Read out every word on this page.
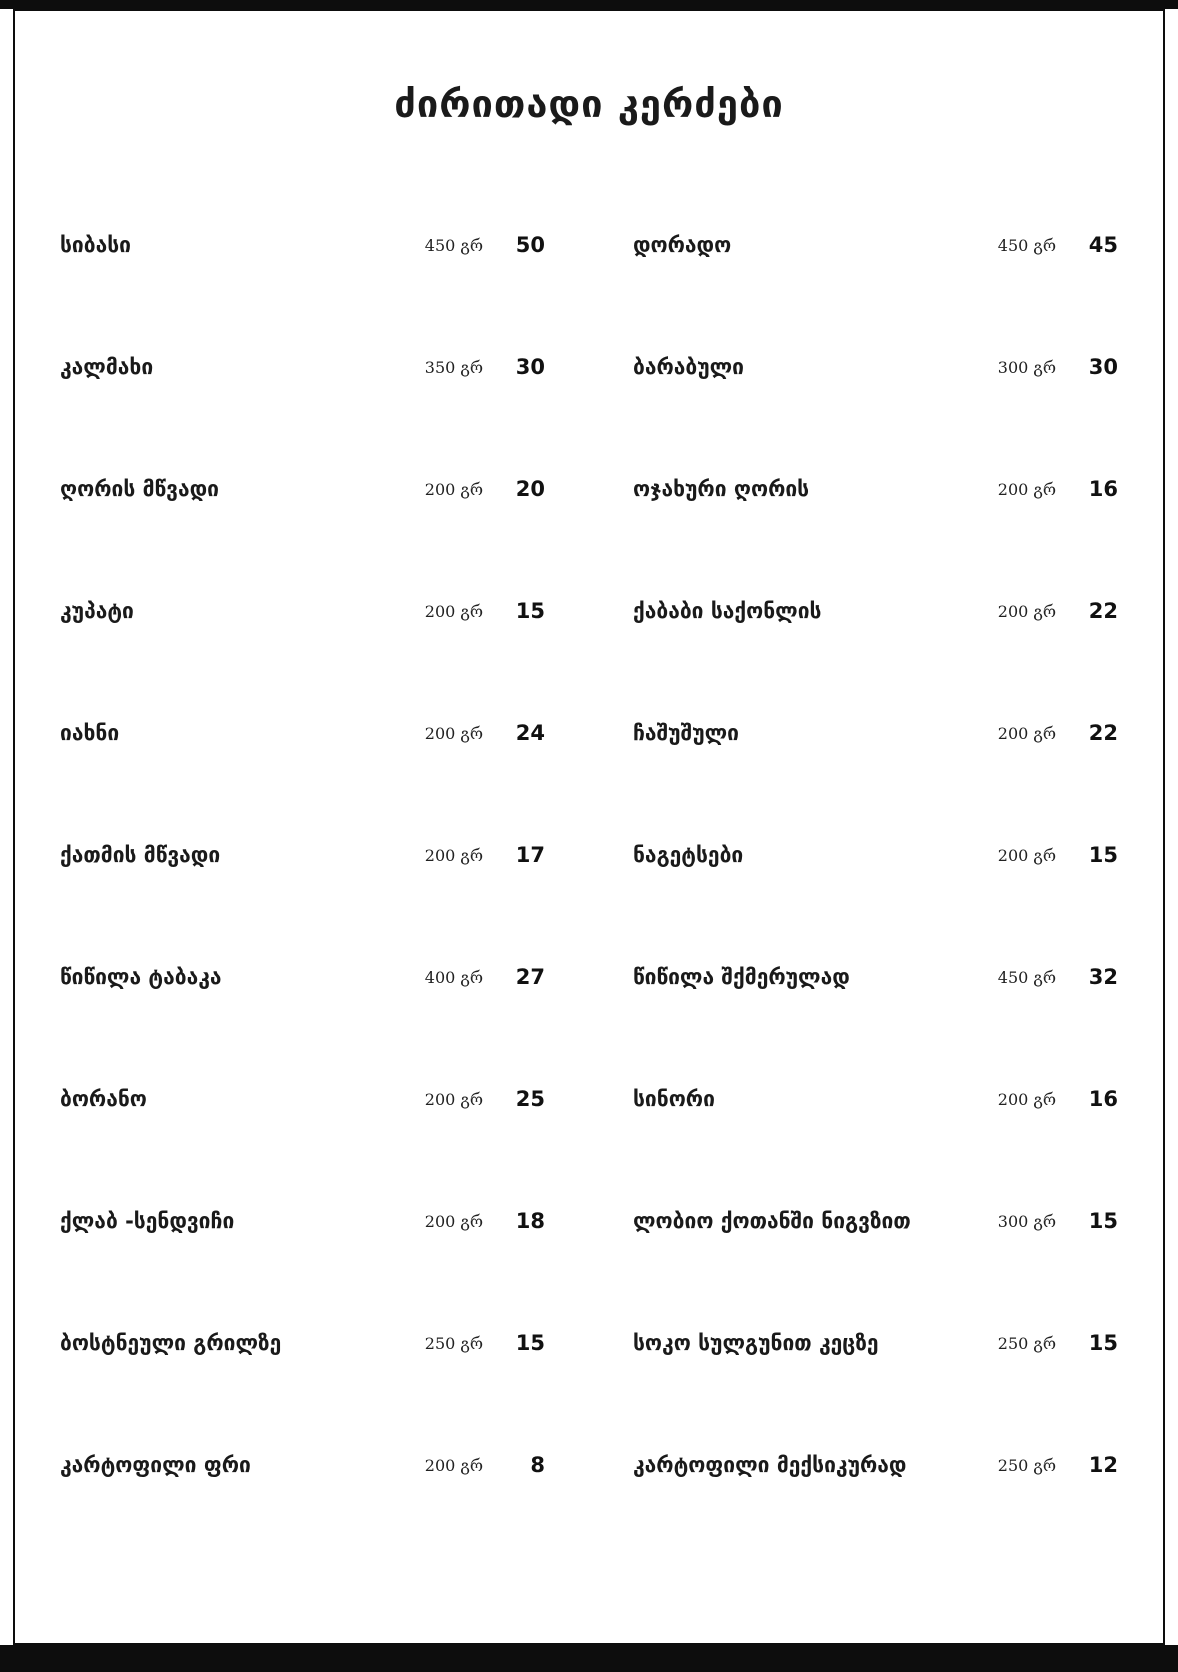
ძირითადი კერძები
სიბასი	450 გრ	50
კალმახი	350 გრ	30
ღორის მწვადი	200 გრ	20
კუპატი	200 გრ	15
იახნი	200 გრ	24
ქათმის მწვადი	200 გრ	17
წიწილა ტაბაკა	400 გრ	27
ბორანო	200 გრ	25
ქლაბ -სენდვიჩი	200 გრ	18
ბოსტნეული გრილზე	250 გრ	15
კარტოფილი ფრი	200 გრ	8
დორადო	450 გრ	45
ბარაბული	300 გრ	30
ოჯახური ღორის	200 გრ	16
ქაბაბი საქონლის	200 გრ	22
ჩაშუშული	200 გრ	22
ნაგეტსები	200 გრ	15
წიწილა შქმერულად	450 გრ	32
სინორი	200 გრ	16
ლობიო ქოთანში ნიგვზით	300 გრ	15
სოკო სულგუნით კეცზე	250 გრ	15
კარტოფილი მექსიკურად	250 გრ	12
